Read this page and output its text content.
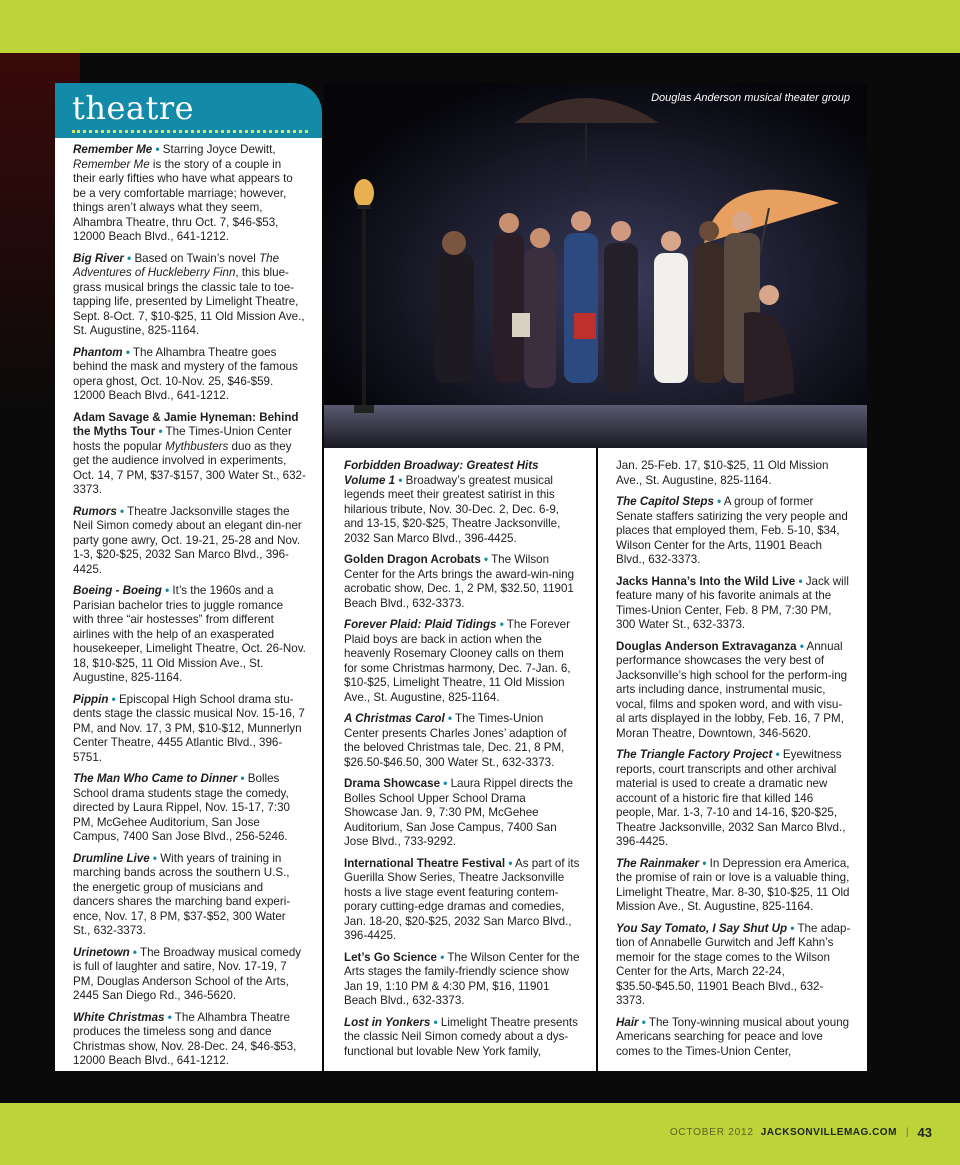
theatre

Remember Me • Starring Joyce Dewitt, Remember Me is the story of a couple in their early fifties who have what appears to be a very comfortable marriage; however, things aren’t always what they seem, Alhambra Theatre, thru Oct. 7, $46-$53, 12000 Beach Blvd., 641-1212.

Big River • Based on Twain’s novel The Adventures of Huckleberry Finn, this blue-grass musical brings the classic tale to toe-tapping life, presented by Limelight Theatre, Sept. 8-Oct. 7, $10-$25, 11 Old Mission Ave., St. Augustine, 825-1164.

Phantom • The Alhambra Theatre goes behind the mask and mystery of the famous opera ghost, Oct. 10-Nov. 25, $46-$59. 12000 Beach Blvd., 641-1212.

Adam Savage & Jamie Hyneman: Behind the Myths Tour • The Times-Union Center hosts the popular Mythbusters duo as they get the audience involved in experiments, Oct. 14, 7 PM, $37-$157, 300 Water St., 632-3373.

Rumors • Theatre Jacksonville stages the Neil Simon comedy about an elegant din-ner party gone awry, Oct. 19-21, 25-28 and Nov. 1-3, $20-$25, 2032 San Marco Blvd., 396-4425.

Boeing - Boeing • It’s the 1960s and a Parisian bachelor tries to juggle romance with three “air hostesses” from different airlines with the help of an exasperated housekeeper, Limelight Theatre, Oct. 26-Nov. 18, $10-$25, 11 Old Mission Ave., St. Augustine, 825-1164.

Pippin • Episcopal High School drama stu-dents stage the classic musical Nov. 15-16, 7 PM, and Nov. 17, 3 PM, $10-$12, Munnerlyn Center Theatre, 4455 Atlantic Blvd., 396-5751.

The Man Who Came to Dinner • Bolles School drama students stage the comedy, directed by Laura Rippel, Nov. 15-17, 7:30 PM, McGehee Auditorium, San Jose Campus, 7400 San Jose Blvd., 256-5246.

Drumline Live • With years of training in marching bands across the southern U.S., the energetic group of musicians and dancers shares the marching band experi-ence, Nov. 17, 8 PM, $37-$52, 300 Water St., 632-3373.

Urinetown • The Broadway musical comedy is full of laughter and satire, Nov. 17-19, 7 PM, Douglas Anderson School of the Arts, 2445 San Diego Rd., 346-5620.

White Christmas • The Alhambra Theatre produces the timeless song and dance Christmas show, Nov. 28-Dec. 24, $46-$53, 12000 Beach Blvd., 641-1212.

Douglas Anderson musical theater group

Forbidden Broadway: Greatest Hits Volume 1 • Broadway’s greatest musical legends meet their greatest satirist in this hilarious tribute, Nov. 30-Dec. 2, Dec. 6-9, and 13-15, $20-$25, Theatre Jacksonville, 2032 San Marco Blvd., 396-4425.

Golden Dragon Acrobats • The Wilson Center for the Arts brings the award-win-ning acrobatic show, Dec. 1, 2 PM, $32.50, 11901 Beach Blvd., 632-3373.

Forever Plaid: Plaid Tidings • The Forever Plaid boys are back in action when the heavenly Rosemary Clooney calls on them for some Christmas harmony, Dec. 7-Jan. 6, $10-$25, Limelight Theatre, 11 Old Mission Ave., St. Augustine, 825-1164.

A Christmas Carol • The Times-Union Center presents Charles Jones’ adaption of the beloved Christmas tale, Dec. 21, 8 PM, $26.50-$46.50, 300 Water St., 632-3373.

Drama Showcase • Laura Rippel directs the Bolles School Upper School Drama Showcase Jan. 9, 7:30 PM, McGehee Auditorium, San Jose Campus, 7400 San Jose Blvd., 733-9292.

International Theatre Festival • As part of its Guerilla Show Series, Theatre Jacksonville hosts a live stage event featuring contem-porary cutting-edge dramas and comedies, Jan. 18-20, $20-$25, 2032 San Marco Blvd., 396-4425.

Let’s Go Science • The Wilson Center for the Arts stages the family-friendly science show Jan 19, 1:10 PM & 4:30 PM, $16, 11901 Beach Blvd., 632-3373.

Lost in Yonkers • Limelight Theatre presents the classic Neil Simon comedy about a dys-functional but lovable New York family,

Jan. 25-Feb. 17, $10-$25, 11 Old Mission Ave., St. Augustine, 825-1164.

The Capitol Steps • A group of former Senate staffers satirizing the very people and places that employed them, Feb. 5-10, $34, Wilson Center for the Arts, 11901 Beach Blvd., 632-3373.

Jacks Hanna’s Into the Wild Live • Jack will feature many of his favorite animals at the Times-Union Center, Feb. 8 PM, 7:30 PM, 300 Water St., 632-3373.

Douglas Anderson Extravaganza • Annual performance showcases the very best of Jacksonville’s high school for the perform-ing arts including dance, instrumental music, vocal, films and spoken word, and with visu-al arts displayed in the lobby, Feb. 16, 7 PM, Moran Theatre, Downtown, 346-5620.

The Triangle Factory Project • Eyewitness reports, court transcripts and other archival material is used to create a dramatic new account of a historic fire that killed 146 people, Mar. 1-3, 7-10 and 14-16, $20-$25, Theatre Jacksonville, 2032 San Marco Blvd., 396-4425.

The Rainmaker • In Depression era America, the promise of rain or love is a valuable thing, Limelight Theatre, Mar. 8-30, $10-$25, 11 Old Mission Ave., St. Augustine, 825-1164.

You Say Tomato, I Say Shut Up • The adap-tion of Annabelle Gurwitch and Jeff Kahn’s memoir for the stage comes to the Wilson Center for the Arts, March 22-24, $35.50-$45.50, 11901 Beach Blvd., 632-3373.

Hair • The Tony-winning musical about young Americans searching for peace and love comes to the Times-Union Center,

OCTOBER 2012 JACKSONVILLEMAG.COM | 43
